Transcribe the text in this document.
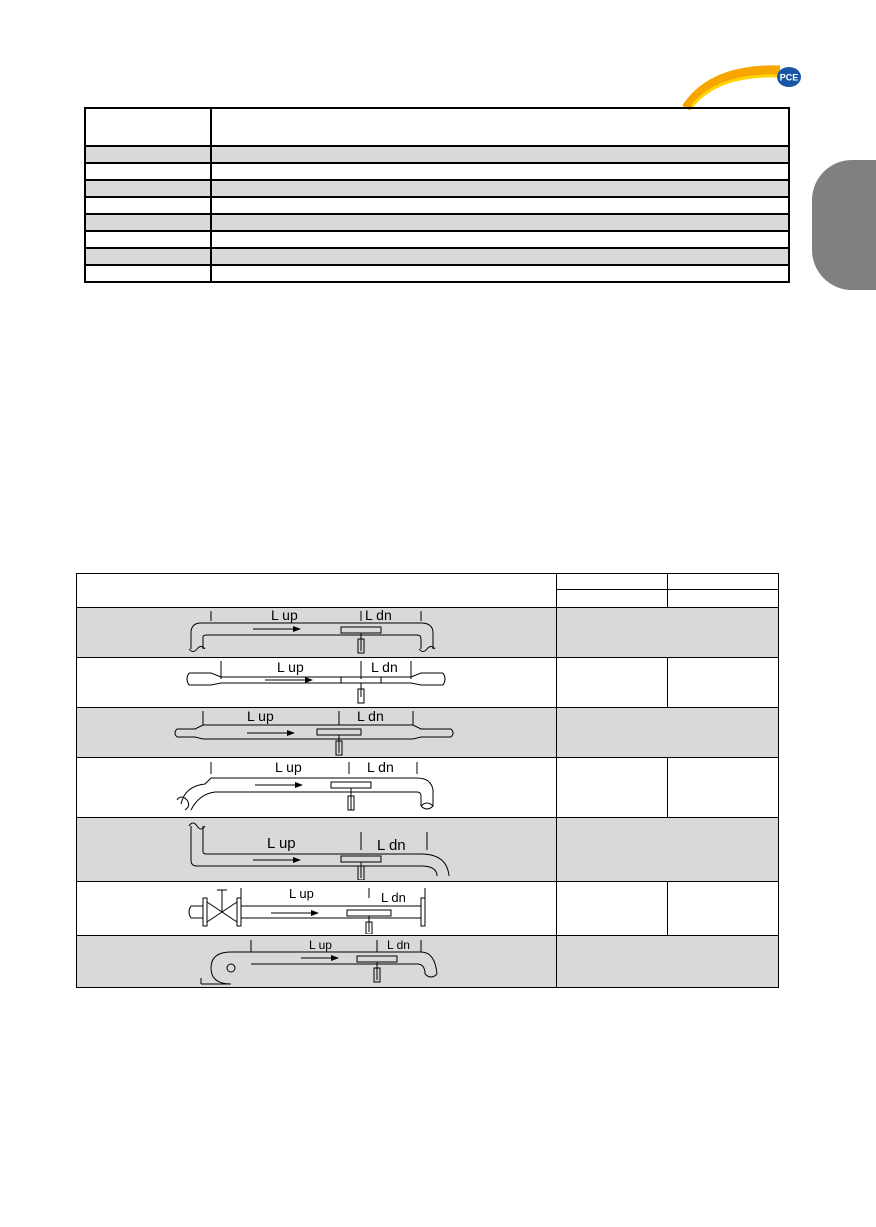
PCE

L up L dn		

L up L dn		

L up L dn		

L up L dn		

L up L dn		

L up L dn		

L up L dn		
